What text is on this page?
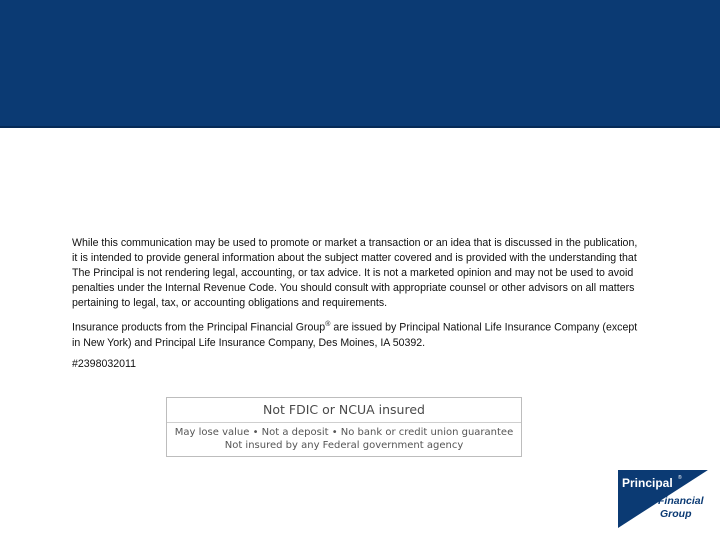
While this communication may be used to promote or market a transaction or an idea that is discussed in the publication, it is intended to provide general information about the subject matter covered and is provided with the understanding that The Principal is not rendering legal, accounting, or tax advice. It is not a marketed opinion and may not be used to avoid penalties under the Internal Revenue Code. You should consult with appropriate counsel or other advisors on all matters pertaining to legal, tax, or accounting obligations and requirements.

Insurance products from the Principal Financial Group® are issued by Principal National Life Insurance Company (except in New York) and Principal Life Insurance Company, Des Moines, IA 50392.

#2398032011

Not FDIC or NCUA insured
May lose value • Not a deposit • No bank or credit union guarantee
Not insured by any Federal government agency
Principal ®
Financial
Group
